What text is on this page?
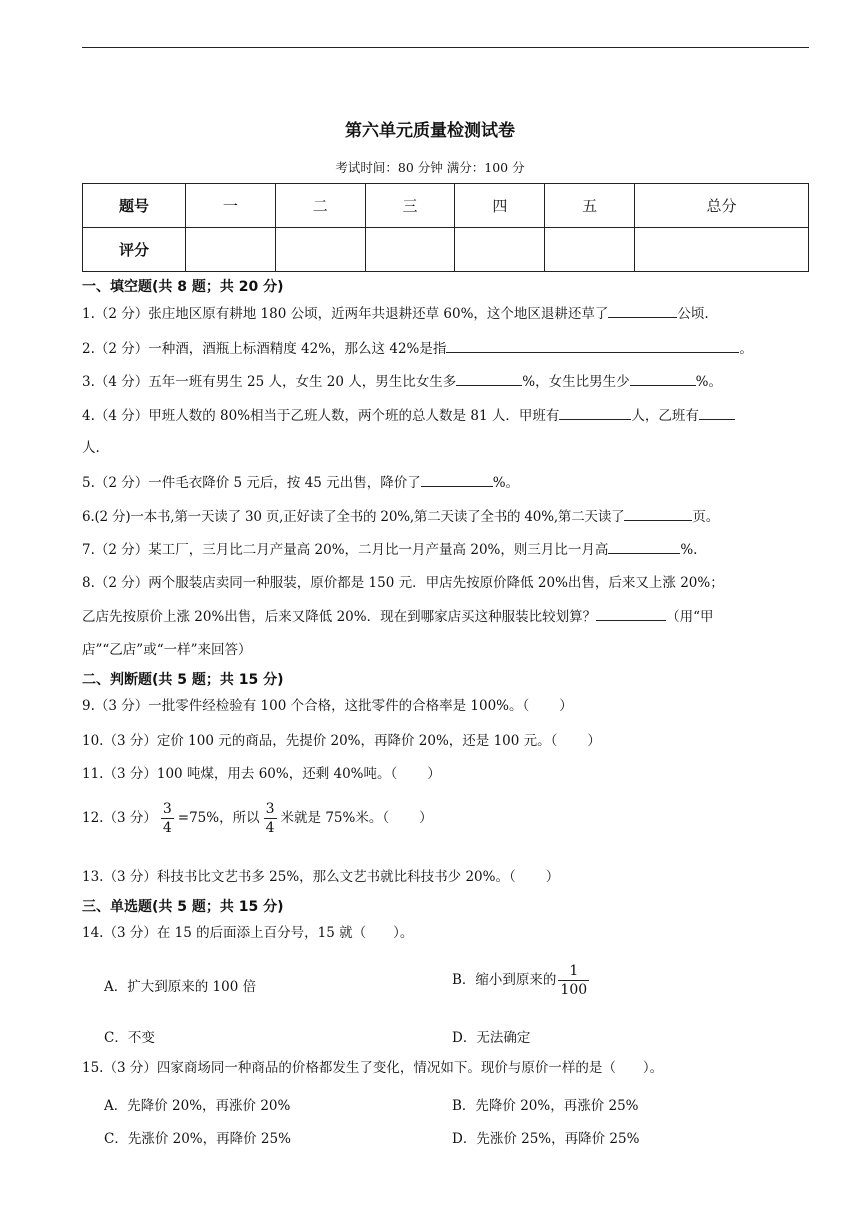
第六单元质量检测试卷
考试时间：80 分钟 满分：100 分
题号	一	二	三	四	五	总分
评分						
一、填空题(共 8 题；共 20 分)
1.（2 分）张庄地区原有耕地 180 公顷，近两年共退耕还草 60%，这个地区退耕还草了	公顷.
2.（2 分）一种酒，酒瓶上标酒精度 42%，那么这 42%是指	。
3.（4 分）五年一班有男生 25 人，女生 20 人，男生比女生多	%，女生比男生少	%。
4.（4 分）甲班人数的 80%相当于乙班人数，两个班的总人数是 81 人．甲班有	人，乙班有
人.
5.（2 分）一件毛衣降价 5 元后，按 45 元出售，降价了	%。
6.(2 分)一本书,第一天读了 30 页,正好读了全书的 20%,第二天读了全书的 40%,第二天读了	页。
7.（2 分）某工厂，三月比二月产量高 20%，二月比一月产量高 20%，则三月比一月高	%.
8.（2 分）两个服装店卖同一种服装，原价都是 150 元．甲店先按原价降低 20%出售，后来又上涨 20%；
乙店先按原价上涨 20%出售，后来又降低 20%．现在到哪家店买这种服装比较划算？	（用“甲
店”“乙店”或“一样”来回答）
二、判断题(共 5 题；共 15 分)
9.（3 分）一批零件经检验有 100 个合格，这批零件的合格率是 100%。（ ）
10.（3 分）定价 100 元的商品，先提价 20%，再降价 20%，还是 100 元。（ ）
11.（3 分）100 吨煤，用去 60%，还剩 40%吨。（ ）
12.（3 分） $\frac{3}{4} =75\%$，所以 $\frac{3}{4}$ 米就是 75%米。（ ）
13.（3 分）科技书比文艺书多 25%，那么文艺书就比科技书少 20%。（ ）
三、单选题(共 5 题；共 15 分)
14.（3 分）在 15 的后面添上百分号，15 就（　　）。
A．扩大到原来的 100 倍	B．缩小到原来的 $\frac{1}{100}$
C．不变	D．无法确定
15.（3 分）四家商场同一种商品的价格都发生了变化，情况如下。现价与原价一样的是（　　）。
A．先降价 20%，再涨价 20%	B．先降价 20%，再涨价 25%
C．先涨价 20%，再降价 25%	D．先涨价 25%，再降价 25%
